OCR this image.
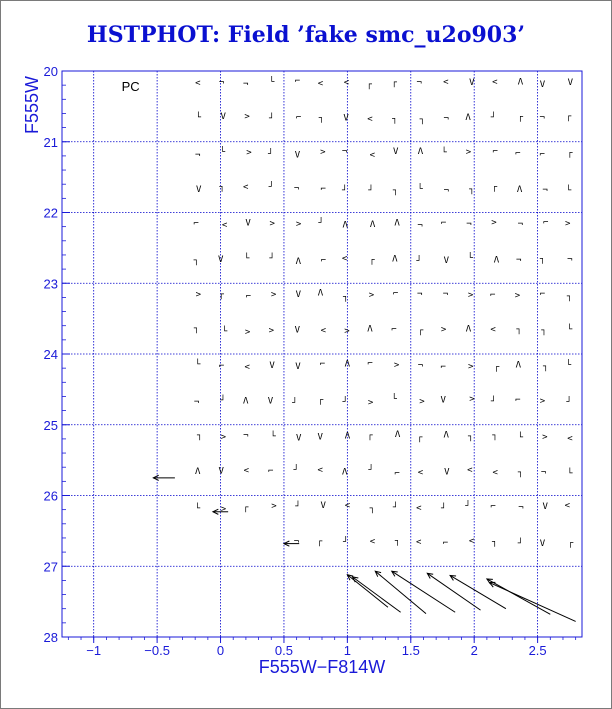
HSTPHOT: Field ’fake smc_u2o903’
−1	−0.5	0	0.5	1	1.5	2	2.5
20
21
22
23
24
25
26
27
28
< ¬ ¬ └ ⌐ < < ┌ ┌ ¬ < V < Λ V	V
└ V > ┘ ⌐ ┐ V < ┐ ┐ ¬ Λ ┘ ┌ ¬ ┌
¬ └ > ┘ V > ¬ < V Λ └ > ⌐ ⌐ ⌐ ┌
V ┐ < ┘ ¬ ⌐ ┘ ┘ ┐ └ ¬ ┐ ┌ Λ ¬ └
⌐	< V > > ┘ Λ Λ Λ ¬ ⌐ ¬ > ¬ ⌐ >
┐ V └ ┘ Λ ⌐ < ┌ Λ ┘ V └ Λ ¬ ┐ ¬
> ┌ ⌐ > V Λ ┐ > ⌐ ¬ ¬ > ⌐ > ⌐ ┐
┐	└ > > V < > Λ ⌐ ┌ > Λ < ┐ ┐ └
└ ⌐ < V V ⌐ Λ ⌐ > ¬ ⌐ > ┌ Λ ┐ └
¬ ┘ Λ V ┘ ┌ ┘ > └ > V	> ┘ ⌐ > ┘
┐ > ¬ └ V V Λ ┌ Λ ┌ Λ ┐ ┐ └ > <
Λ V < ⌐ ┘ < Λ ┘ ⌐ < V < < ┐ ¬ └
└ > ┌	> ┘ V < ┐ ┘ < ┘ ┘ ⌐ ¬ V <
¬ ┌ ┘ < ┐ < ⌐ < ┐ ┘ V	┌
PC
F555W−F814W
F555W
